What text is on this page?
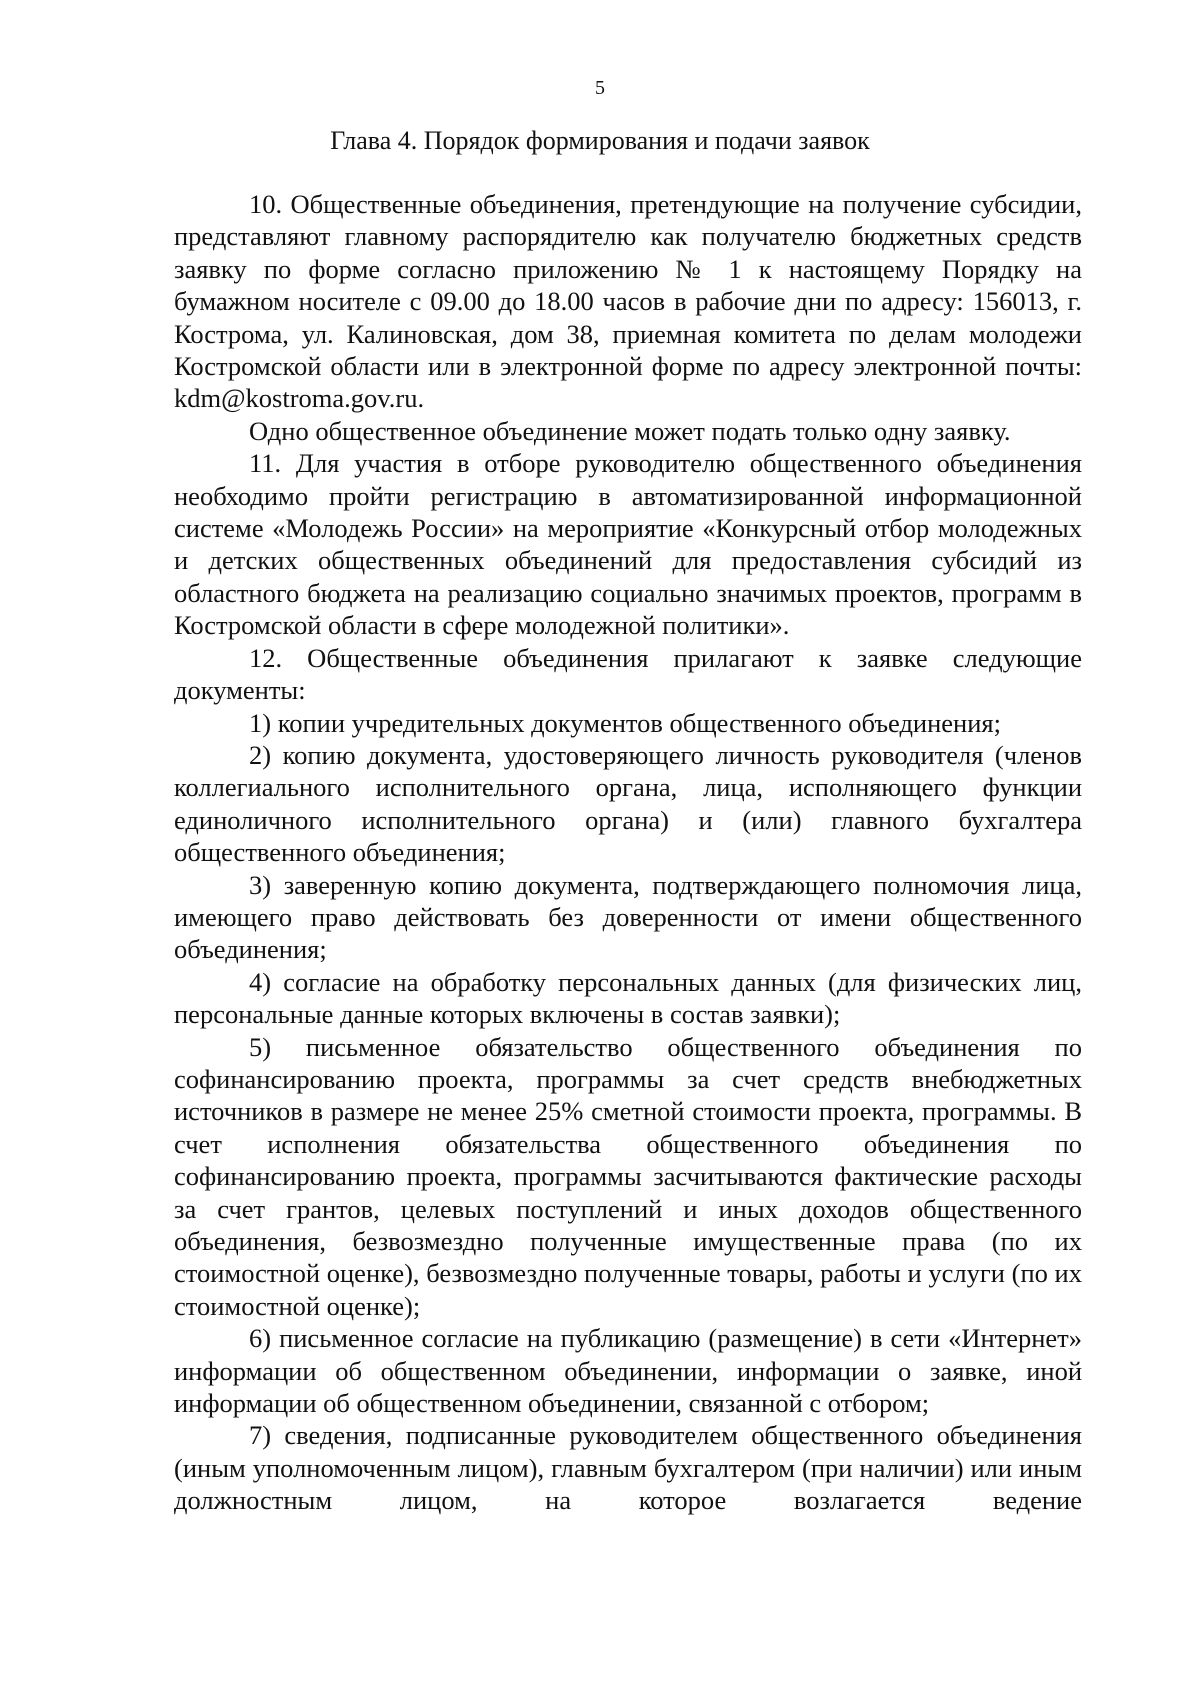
5
Глава 4. Порядок формирования и подачи заявок

10. Общественные объединения, претендующие на получение субсидии, представляют главному распорядителю как получателю бюджетных средств заявку по форме согласно приложению № 1 к настоящему Порядку на бумажном носителе с 09.00 до 18.00 часов в рабочие дни по адресу: 156013, г. Кострома, ул. Калиновская, дом 38, приемная комитета по делам молодежи Костромской области или в электронной форме по адресу электронной почты: kdm@kostroma.gov.ru.

Одно общественное объединение может подать только одну заявку.

11. Для участия в отборе руководителю общественного объединения необходимо пройти регистрацию в автоматизированной информационной системе «Молодежь России» на мероприятие «Конкурсный отбор молодежных и детских общественных объединений для предоставления субсидий из областного бюджета на реализацию социально значимых проектов, программ в Костромской области в сфере молодежной политики».

12. Общественные объединения прилагают к заявке следующие документы:

1) копии учредительных документов общественного объединения;

2) копию документа, удостоверяющего личность руководителя (членов коллегиального исполнительного органа, лица, исполняющего функции единоличного исполнительного органа) и (или) главного бухгалтера общественного объединения;

3) заверенную копию документа, подтверждающего полномочия лица, имеющего право действовать без доверенности от имени общественного объединения;

4) согласие на обработку персональных данных (для физических лиц, персональные данные которых включены в состав заявки);

5) письменное обязательство общественного объединения по софинансированию проекта, программы за счет средств внебюджетных источников в размере не менее 25% сметной стоимости проекта, программы. В счет исполнения обязательства общественного объединения по софинансированию проекта, программы засчитываются фактические расходы за счет грантов, целевых поступлений и иных доходов общественного объединения, безвозмездно полученные имущественные права (по их стоимостной оценке), безвозмездно полученные товары, работы и услуги (по их стоимостной оценке);

6) письменное согласие на публикацию (размещение) в сети «Интернет» информации об общественном объединении, информации о заявке, иной информации об общественном объединении, связанной с отбором;

7) сведения, подписанные руководителем общественного объединения (иным уполномоченным лицом), главным бухгалтером (при наличии) или иным должностным лицом, на которое возлагается ведение
